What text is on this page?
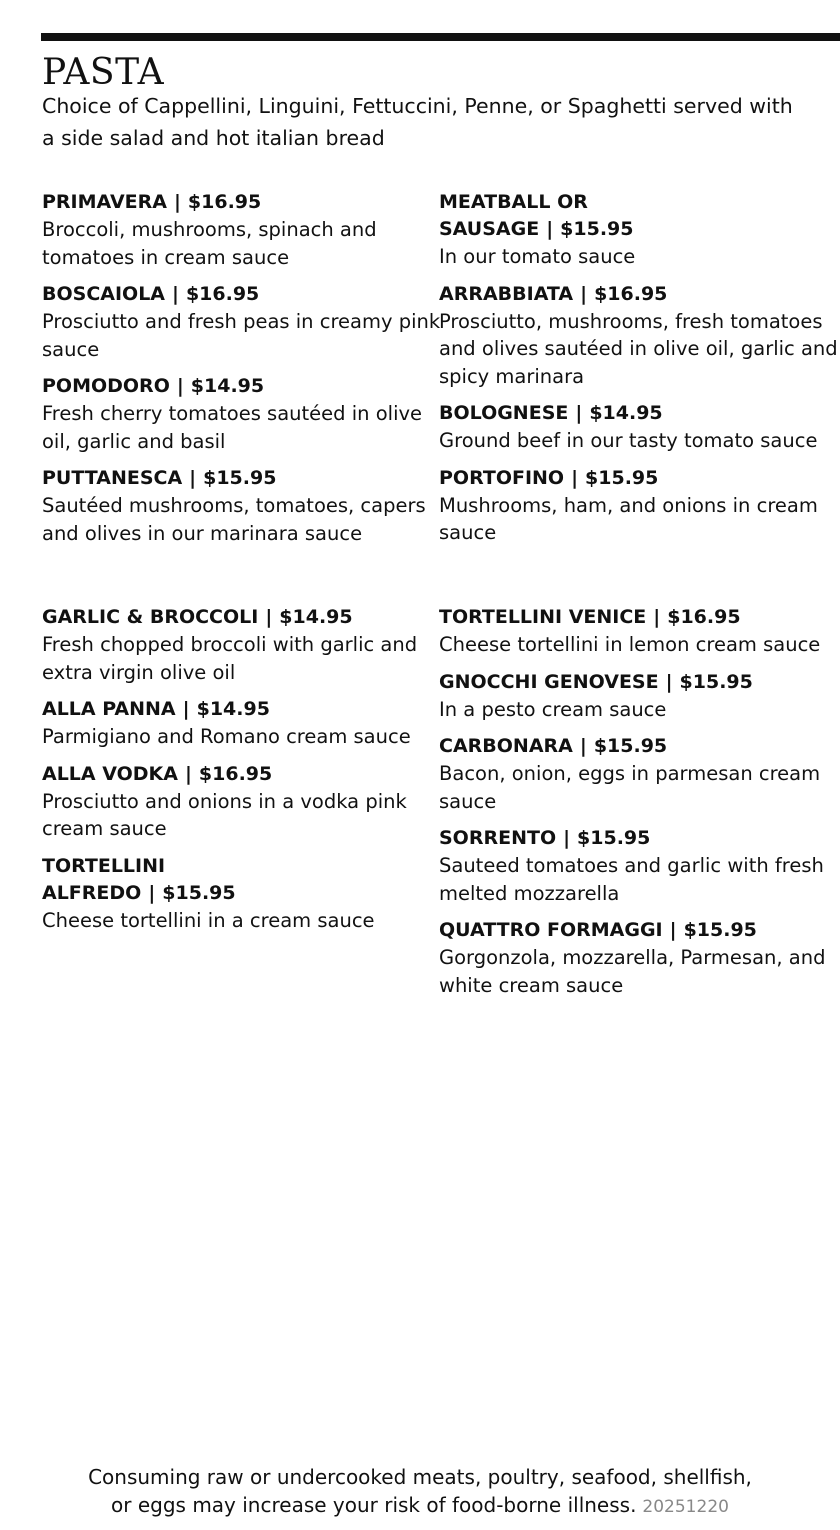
PASTA

Choice of Cappellini, Linguini, Fettuccini, Penne, or Spaghetti served with a side salad and hot italian bread

PRIMAVERA | $16.95
Broccoli, mushrooms, spinach and tomatoes in cream sauce
BOSCAIOLA | $16.95
Prosciutto and fresh peas in creamy pink sauce
POMODORO | $14.95
Fresh cherry tomatoes sautéed in olive oil, garlic and basil
PUTTANESCA | $15.95
Sautéed mushrooms, tomatoes, capers and olives in our marinara sauce
MEATBALL OR SAUSAGE | $15.95
In our tomato sauce
ARRABBIATA | $16.95
Prosciutto, mushrooms, fresh tomatoes and olives sautéed in olive oil, garlic and spicy marinara
BOLOGNESE | $14.95
Ground beef in our tasty tomato sauce
PORTOFINO | $15.95
Mushrooms, ham, and onions in cream sauce
GARLIC & BROCCOLI | $14.95
Fresh chopped broccoli with garlic and extra virgin olive oil
ALLA PANNA | $14.95
Parmigiano and Romano cream sauce
ALLA VODKA | $16.95
Prosciutto and onions in a vodka pink cream sauce
TORTELLINI ALFREDO | $15.95
Cheese tortellini in a cream sauce
TORTELLINI VENICE | $16.95
Cheese tortellini in lemon cream sauce
GNOCCHI GENOVESE | $15.95
In a pesto cream sauce
CARBONARA | $15.95
Bacon, onion, eggs in parmesan cream sauce
SORRENTO | $15.95
Sauteed tomatoes and garlic with fresh melted mozzarella
QUATTRO FORMAGGI | $15.95
Gorgonzola, mozzarella, Parmesan, and white cream sauce
Consuming raw or undercooked meats, poultry, seafood, shellfish,
or eggs may increase your risk of food-borne illness. 20251220
